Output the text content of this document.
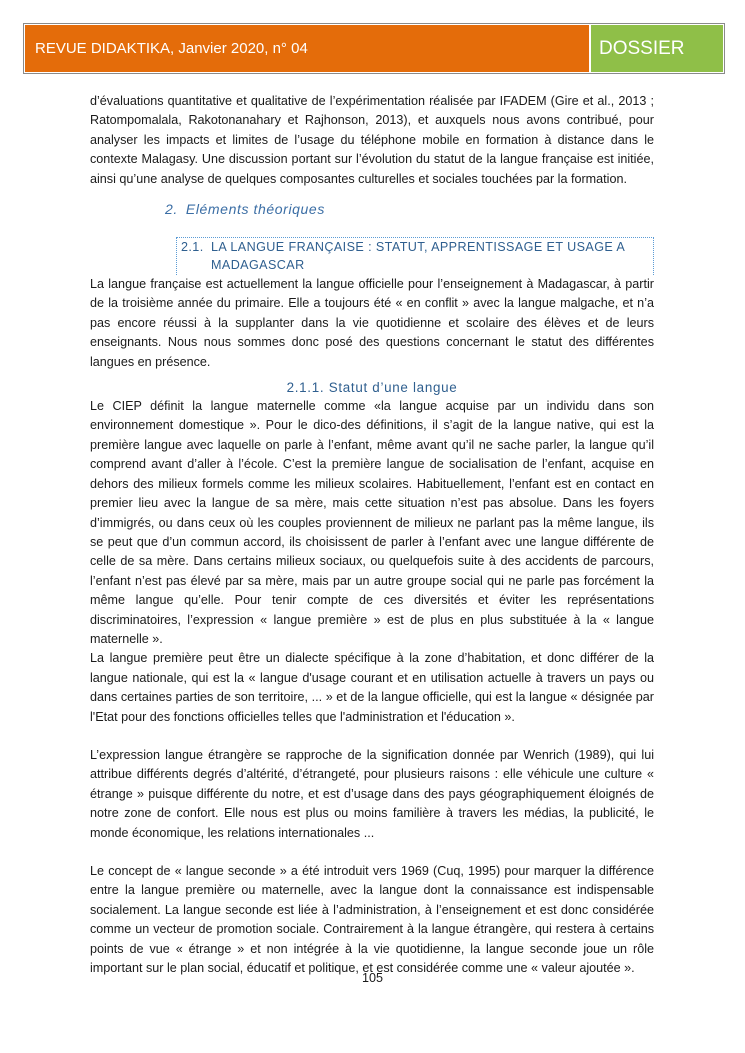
REVUE DIDAKTIKA, Janvier 2020, n° 04	DOSSIER

d’évaluations quantitative et qualitative de l’expérimentation réalisée par IFADEM (Gire et al., 2013 ; Ratompomalala, Rakotonanahary et Rajhonson, 2013), et auxquels nous avons contribué, pour analyser les impacts et limites de l’usage du téléphone mobile en formation à distance dans le contexte Malagasy. Une discussion portant sur l’évolution du statut de la langue française est initiée, ainsi qu’une analyse de quelques composantes culturelles et sociales touchées par la formation.

2. Eléments théoriques
2.1. LA LANGUE FRANÇAISE : STATUT, APPRENTISSAGE ET USAGE A MADAGASCAR

La langue française est actuellement la langue officielle pour l’enseignement à Madagascar, à partir de la troisième année du primaire. Elle a toujours été « en conflit » avec la langue malgache, et n’a pas encore réussi à la supplanter dans la vie quotidienne et scolaire des élèves et de leurs enseignants. Nous nous sommes donc posé des questions concernant le statut des différentes langues en présence.

2.1.1. Statut d’une langue

Le CIEP définit la langue maternelle comme «la langue acquise par un individu dans son environnement domestique ». Pour le dico-des définitions, il s’agit de la langue native, qui est la première langue avec laquelle on parle à l’enfant, même avant qu’il ne sache parler, la langue qu’il comprend avant d’aller à l’école. C’est la première langue de socialisation de l’enfant, acquise en dehors des milieux formels comme les milieux scolaires. Habituellement, l’enfant est en contact en premier lieu avec la langue de sa mère, mais cette situation n’est pas absolue. Dans les foyers d’immigrés, ou dans ceux où les couples proviennent de milieux ne parlant pas la même langue, ils se peut que d’un commun accord, ils choisissent de parler à l’enfant avec une langue différente de celle de sa mère. Dans certains milieux sociaux, ou quelquefois suite à des accidents de parcours, l’enfant n’est pas élevé par sa mère, mais par un autre groupe social qui ne parle pas forcément la même langue qu’elle. Pour tenir compte de ces diversités et éviter les représentations discriminatoires, l’expression « langue première » est de plus en plus substituée à la « langue maternelle ».

La langue première peut être un dialecte spécifique à la zone d’habitation, et donc différer de la langue nationale, qui est la « langue d'usage courant et en utilisation actuelle à travers un pays ou dans certaines parties de son territoire, ... » et de la langue officielle, qui est la langue « désignée par l'Etat pour des fonctions officielles telles que l'administration et l'éducation ».

L’expression langue étrangère se rapproche de la signification donnée par Wenrich (1989), qui lui attribue différents degrés d’altérité, d’étrangeté, pour plusieurs raisons : elle véhicule une culture « étrange » puisque différente du notre, et est d’usage dans des pays géographiquement éloignés de notre zone de confort. Elle nous est plus ou moins familière à travers les médias, la publicité, le monde économique, les relations internationales ...

Le concept de « langue seconde » a été introduit vers 1969 (Cuq, 1995) pour marquer la différence entre la langue première ou maternelle, avec la langue dont la connaissance est indispensable socialement. La langue seconde est liée à l’administration, à l’enseignement et est donc considérée comme un vecteur de promotion sociale. Contrairement à la langue étrangère, qui restera à certains points de vue « étrange » et non intégrée à la vie quotidienne, la langue seconde joue un rôle important sur le plan social, éducatif et politique, et est considérée comme une « valeur ajoutée ».

105
